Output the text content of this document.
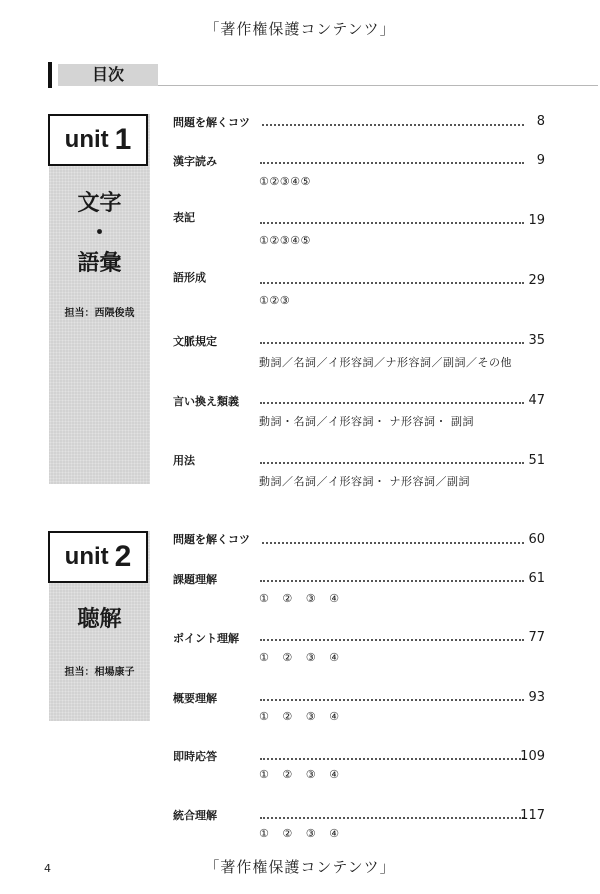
「著作権保護コンテンツ」
目次
unit 1
文字
・
語彙
担当：西隈俊哉
問題を解くコツ	8
漢字読み	9
①②③④⑤
表記	19
①②③④⑤
語形成	29
①②③
文脈規定	35
動詞／名詞／イ形容詞／ナ形容詞／副詞／その他
言い換え類義	47
動詞・名詞／イ形容詞・ ナ形容詞・ 副詞
用法	51
動詞／名詞／イ形容詞・ ナ形容詞／副詞
unit 2
聴解
担当：相場康子
問題を解くコツ	60
課題理解	61
① ② ③ ④
ポイント理解	77
① ② ③ ④
概要理解	93
① ② ③ ④
即時応答	109
① ② ③ ④
統合理解	117
① ② ③ ④
4	「著作権保護コンテンツ」
